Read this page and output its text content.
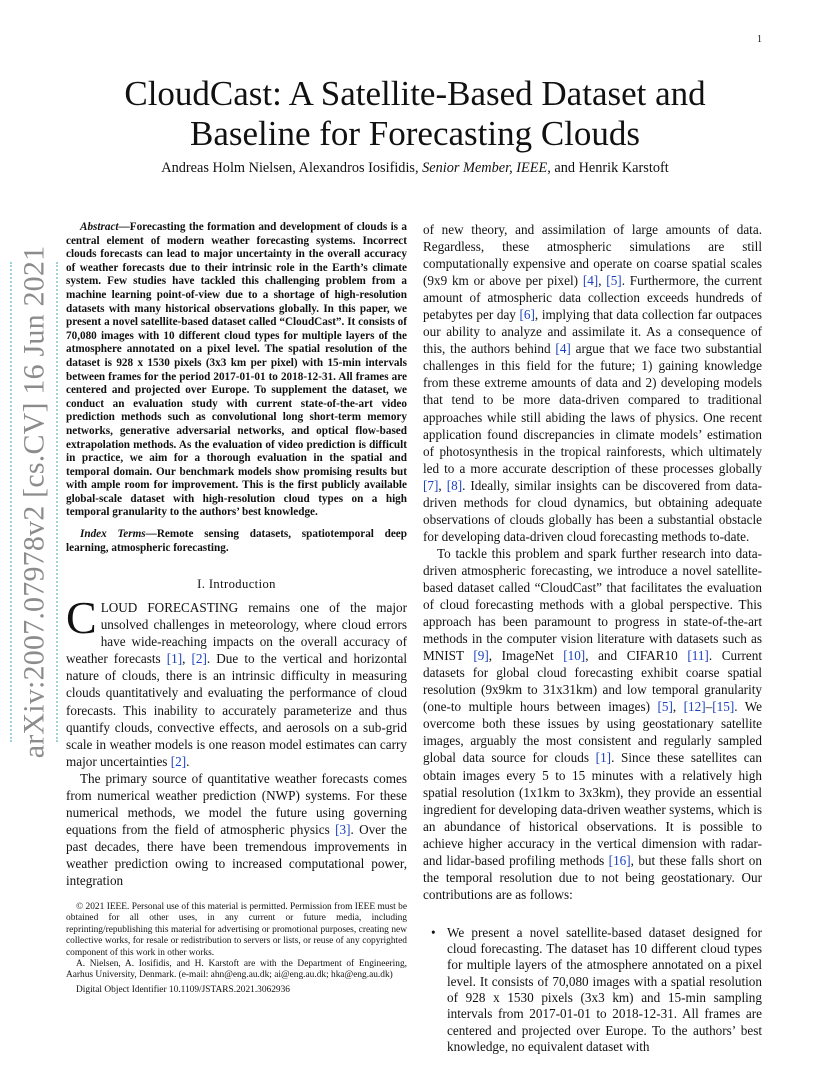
1
arXiv:2007.07978v2 [cs.CV] 16 Jun 2021
CloudCast: A Satellite-Based Dataset and Baseline for Forecasting Clouds
Andreas Holm Nielsen, Alexandros Iosifidis, Senior Member, IEEE, and Henrik Karstoft

Abstract—Forecasting the formation and development of clouds is a central element of modern weather forecasting systems. Incorrect clouds forecasts can lead to major uncertainty in the overall accuracy of weather forecasts due to their intrinsic role in the Earth’s climate system. Few studies have tackled this challenging problem from a machine learning point-of-view due to a shortage of high-resolution datasets with many historical observations globally. In this paper, we present a novel satellite-based dataset called “CloudCast”. It consists of 70,080 images with 10 different cloud types for multiple layers of the atmosphere annotated on a pixel level. The spatial resolution of the dataset is 928 x 1530 pixels (3x3 km per pixel) with 15-min intervals between frames for the period 2017-01-01 to 2018-12-31. All frames are centered and projected over Europe. To supplement the dataset, we conduct an evaluation study with current state-of-the-art video prediction methods such as convolutional long short-term memory networks, generative adversarial networks, and optical flow-based extrapolation methods. As the evaluation of video prediction is difficult in practice, we aim for a thorough evaluation in the spatial and temporal domain. Our benchmark models show promising results but with ample room for improvement. This is the first publicly available global-scale dataset with high-resolution cloud types on a high temporal granularity to the authors’ best knowledge.

Index Terms—Remote sensing datasets, spatiotemporal deep learning, atmospheric forecasting.

I. Introduction

CLOUD FORECASTING remains one of the major unsolved challenges in meteorology, where cloud errors have wide-reaching impacts on the overall accuracy of weather forecasts [1], [2]. Due to the vertical and horizontal nature of clouds, there is an intrinsic difficulty in measuring clouds quantitatively and evaluating the performance of cloud forecasts. This inability to accurately parameterize and thus quantify clouds, convective effects, and aerosols on a sub-grid scale in weather models is one reason model estimates can carry major uncertainties [2].

The primary source of quantitative weather forecasts comes from numerical weather prediction (NWP) systems. For these numerical methods, we model the future using governing equations from the field of atmospheric physics [3]. Over the past decades, there have been tremendous improvements in weather prediction owing to increased computational power, integration

© 2021 IEEE. Personal use of this material is permitted. Permission from IEEE must be obtained for all other uses, in any current or future media, including reprinting/republishing this material for advertising or promotional purposes, creating new collective works, for resale or redistribution to servers or lists, or reuse of any copyrighted component of this work in other works.

A. Nielsen, A. Iosifidis, and H. Karstoft are with the Department of Engineering, Aarhus University, Denmark. (e-mail: ahn@eng.au.dk; ai@eng.au.dk; hka@eng.au.dk)

Digital Object Identifier 10.1109/JSTARS.2021.3062936

of new theory, and assimilation of large amounts of data. Regardless, these atmospheric simulations are still computationally expensive and operate on coarse spatial scales (9x9 km or above per pixel) [4], [5]. Furthermore, the current amount of atmospheric data collection exceeds hundreds of petabytes per day [6], implying that data collection far outpaces our ability to analyze and assimilate it. As a consequence of this, the authors behind [4] argue that we face two substantial challenges in this field for the future; 1) gaining knowledge from these extreme amounts of data and 2) developing models that tend to be more data-driven compared to traditional approaches while still abiding the laws of physics. One recent application found discrepancies in climate models’ estimation of photosynthesis in the tropical rainforests, which ultimately led to a more accurate description of these processes globally [7], [8]. Ideally, similar insights can be discovered from data-driven methods for cloud dynamics, but obtaining adequate observations of clouds globally has been a substantial obstacle for developing data-driven cloud forecasting methods to-date.

To tackle this problem and spark further research into data-driven atmospheric forecasting, we introduce a novel satellite-based dataset called “CloudCast” that facilitates the evaluation of cloud forecasting methods with a global perspective. This approach has been paramount to progress in state-of-the-art methods in the computer vision literature with datasets such as MNIST [9], ImageNet [10], and CIFAR10 [11]. Current datasets for global cloud forecasting exhibit coarse spatial resolution (9x9km to 31x31km) and low temporal granularity (one-to multiple hours between images) [5], [12]–[15]. We overcome both these issues by using geostationary satellite images, arguably the most consistent and regularly sampled global data source for clouds [1]. Since these satellites can obtain images every 5 to 15 minutes with a relatively high spatial resolution (1x1km to 3x3km), they provide an essential ingredient for developing data-driven weather systems, which is an abundance of historical observations. It is possible to achieve higher accuracy in the vertical dimension with radar- and lidar-based profiling methods [16], but these falls short on the temporal resolution due to not being geostationary. Our contributions are as follows:

• We present a novel satellite-based dataset designed for cloud forecasting. The dataset has 10 different cloud types for multiple layers of the atmosphere annotated on a pixel level. It consists of 70,080 images with a spatial resolution of 928 x 1530 pixels (3x3 km) and 15-min sampling intervals from 2017-01-01 to 2018-12-31. All frames are centered and projected over Europe. To the authors’ best knowledge, no equivalent dataset with
